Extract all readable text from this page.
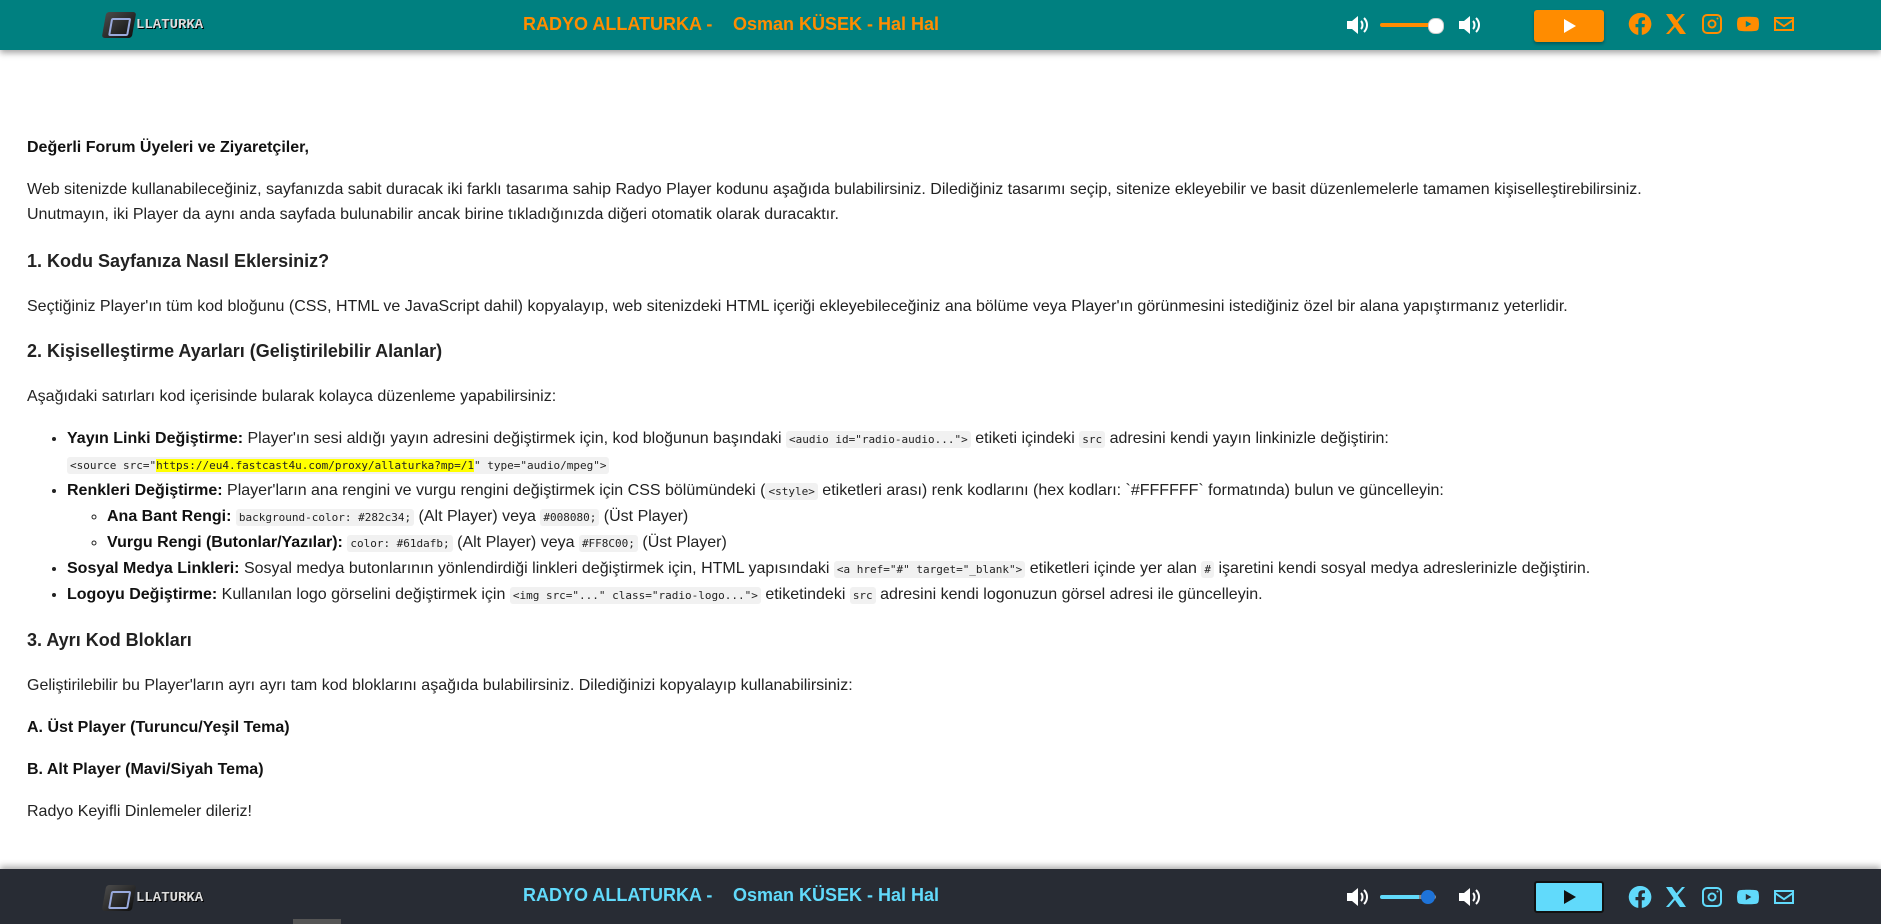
LLATURKA	RADYO ALLATURKA - Osman KÜSEK - Hal Hal

Değerli Forum Üyeleri ve Ziyaretçiler,

Web sitenizde kullanabileceğiniz, sayfanızda sabit duracak iki farklı tasarıma sahip Radyo Player kodunu aşağıda bulabilirsiniz. Dilediğiniz tasarımı seçip, sitenize ekleyebilir ve basit düzenlemelerle tamamen kişiselleştirebilirsiniz.

Unutmayın, iki Player da aynı anda sayfada bulunabilir ancak birine tıkladığınızda diğeri otomatik olarak duracaktır.

1. Kodu Sayfanıza Nasıl Eklersiniz?

Seçtiğiniz Player'ın tüm kod bloğunu (CSS, HTML ve JavaScript dahil) kopyalayıp, web sitenizdeki HTML içeriği ekleyebileceğiniz ana bölüme veya Player'ın görünmesini istediğiniz özel bir alana yapıştırmanız yeterlidir.

2. Kişiselleştirme Ayarları (Geliştirilebilir Alanlar)

Aşağıdaki satırları kod içerisinde bularak kolayca düzenleme yapabilirsiniz:

• Yayın Linki Değiştirme: Player'ın sesi aldığı yayın adresini değiştirmek için, kod bloğunun başındaki <audio id="radio-audio..."> etiketi içindeki src adresini kendi yayın linkinizle değiştirin:
<source src="https://eu4.fastcast4u.com/proxy/allaturka?mp=/1" type="audio/mpeg">
• Renkleri Değiştirme: Player'ların ana rengini ve vurgu rengini değiştirmek için CSS bölümündeki ( <style> etiketleri arası) renk kodlarını (hex kodları: `#FFFFFF` formatında) bulun ve güncelleyin:
◦ Ana Bant Rengi: background-color: #282c34; (Alt Player) veya #008080; (Üst Player)
◦ Vurgu Rengi (Butonlar/Yazılar): color: #61dafb; (Alt Player) veya #FF8C00; (Üst Player)
• Sosyal Medya Linkleri: Sosyal medya butonlarının yönlendirdiği linkleri değiştirmek için, HTML yapısındaki <a href="#" target="_blank"> etiketleri içinde yer alan # işaretini kendi sosyal medya adreslerinizle değiştirin.
• Logoyu Değiştirme: Kullanılan logo görselini değiştirmek için <img src="..." class="radio-logo..."> etiketindeki src adresini kendi logonuzun görsel adresi ile güncelleyin.
3. Ayrı Kod Blokları

Geliştirilebilir bu Player'ların ayrı ayrı tam kod bloklarını aşağıda bulabilirsiniz. Dilediğinizi kopyalayıp kullanabilirsiniz:

A. Üst Player (Turuncu/Yeşil Tema)

B. Alt Player (Mavi/Siyah Tema)

Radyo Keyifli Dinlemeler dileriz!

LLATURKA	RADYO ALLATURKA - Osman KÜSEK - Hal Hal
